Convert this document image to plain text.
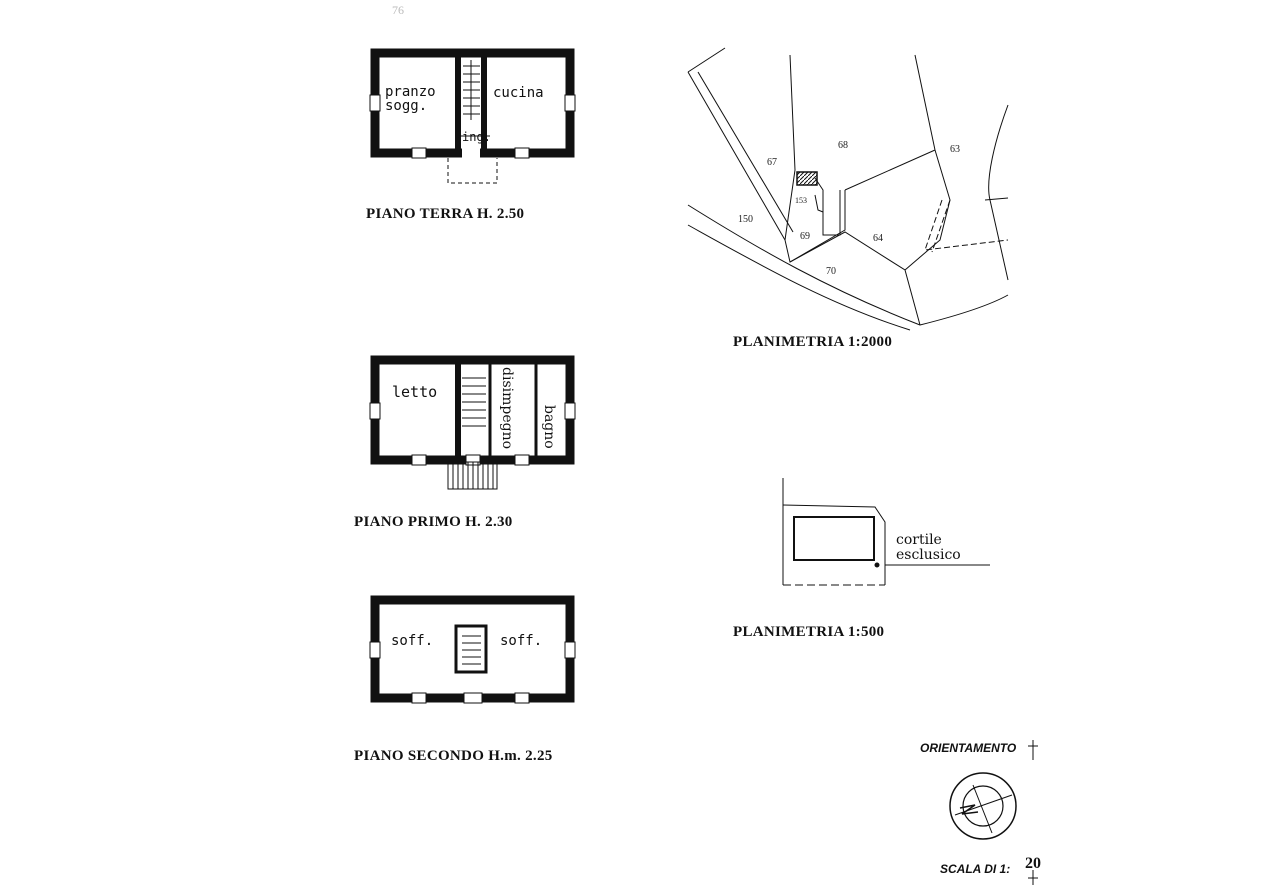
76
pranzo
sogg.
cucina
ing.
PIANO TERRA H. 2.50
letto	disimpegno bagno
PIANO PRIMO H. 2.30
soff.	soff.
PIANO SECONDO H.m. 2.25
67
68	63
153
150
69	64
70
PLANIMETRIA 1:2000
cortile
esclusico
PLANIMETRIA 1:500
ORIENTAMENTO
SCALA DI 1: 20
